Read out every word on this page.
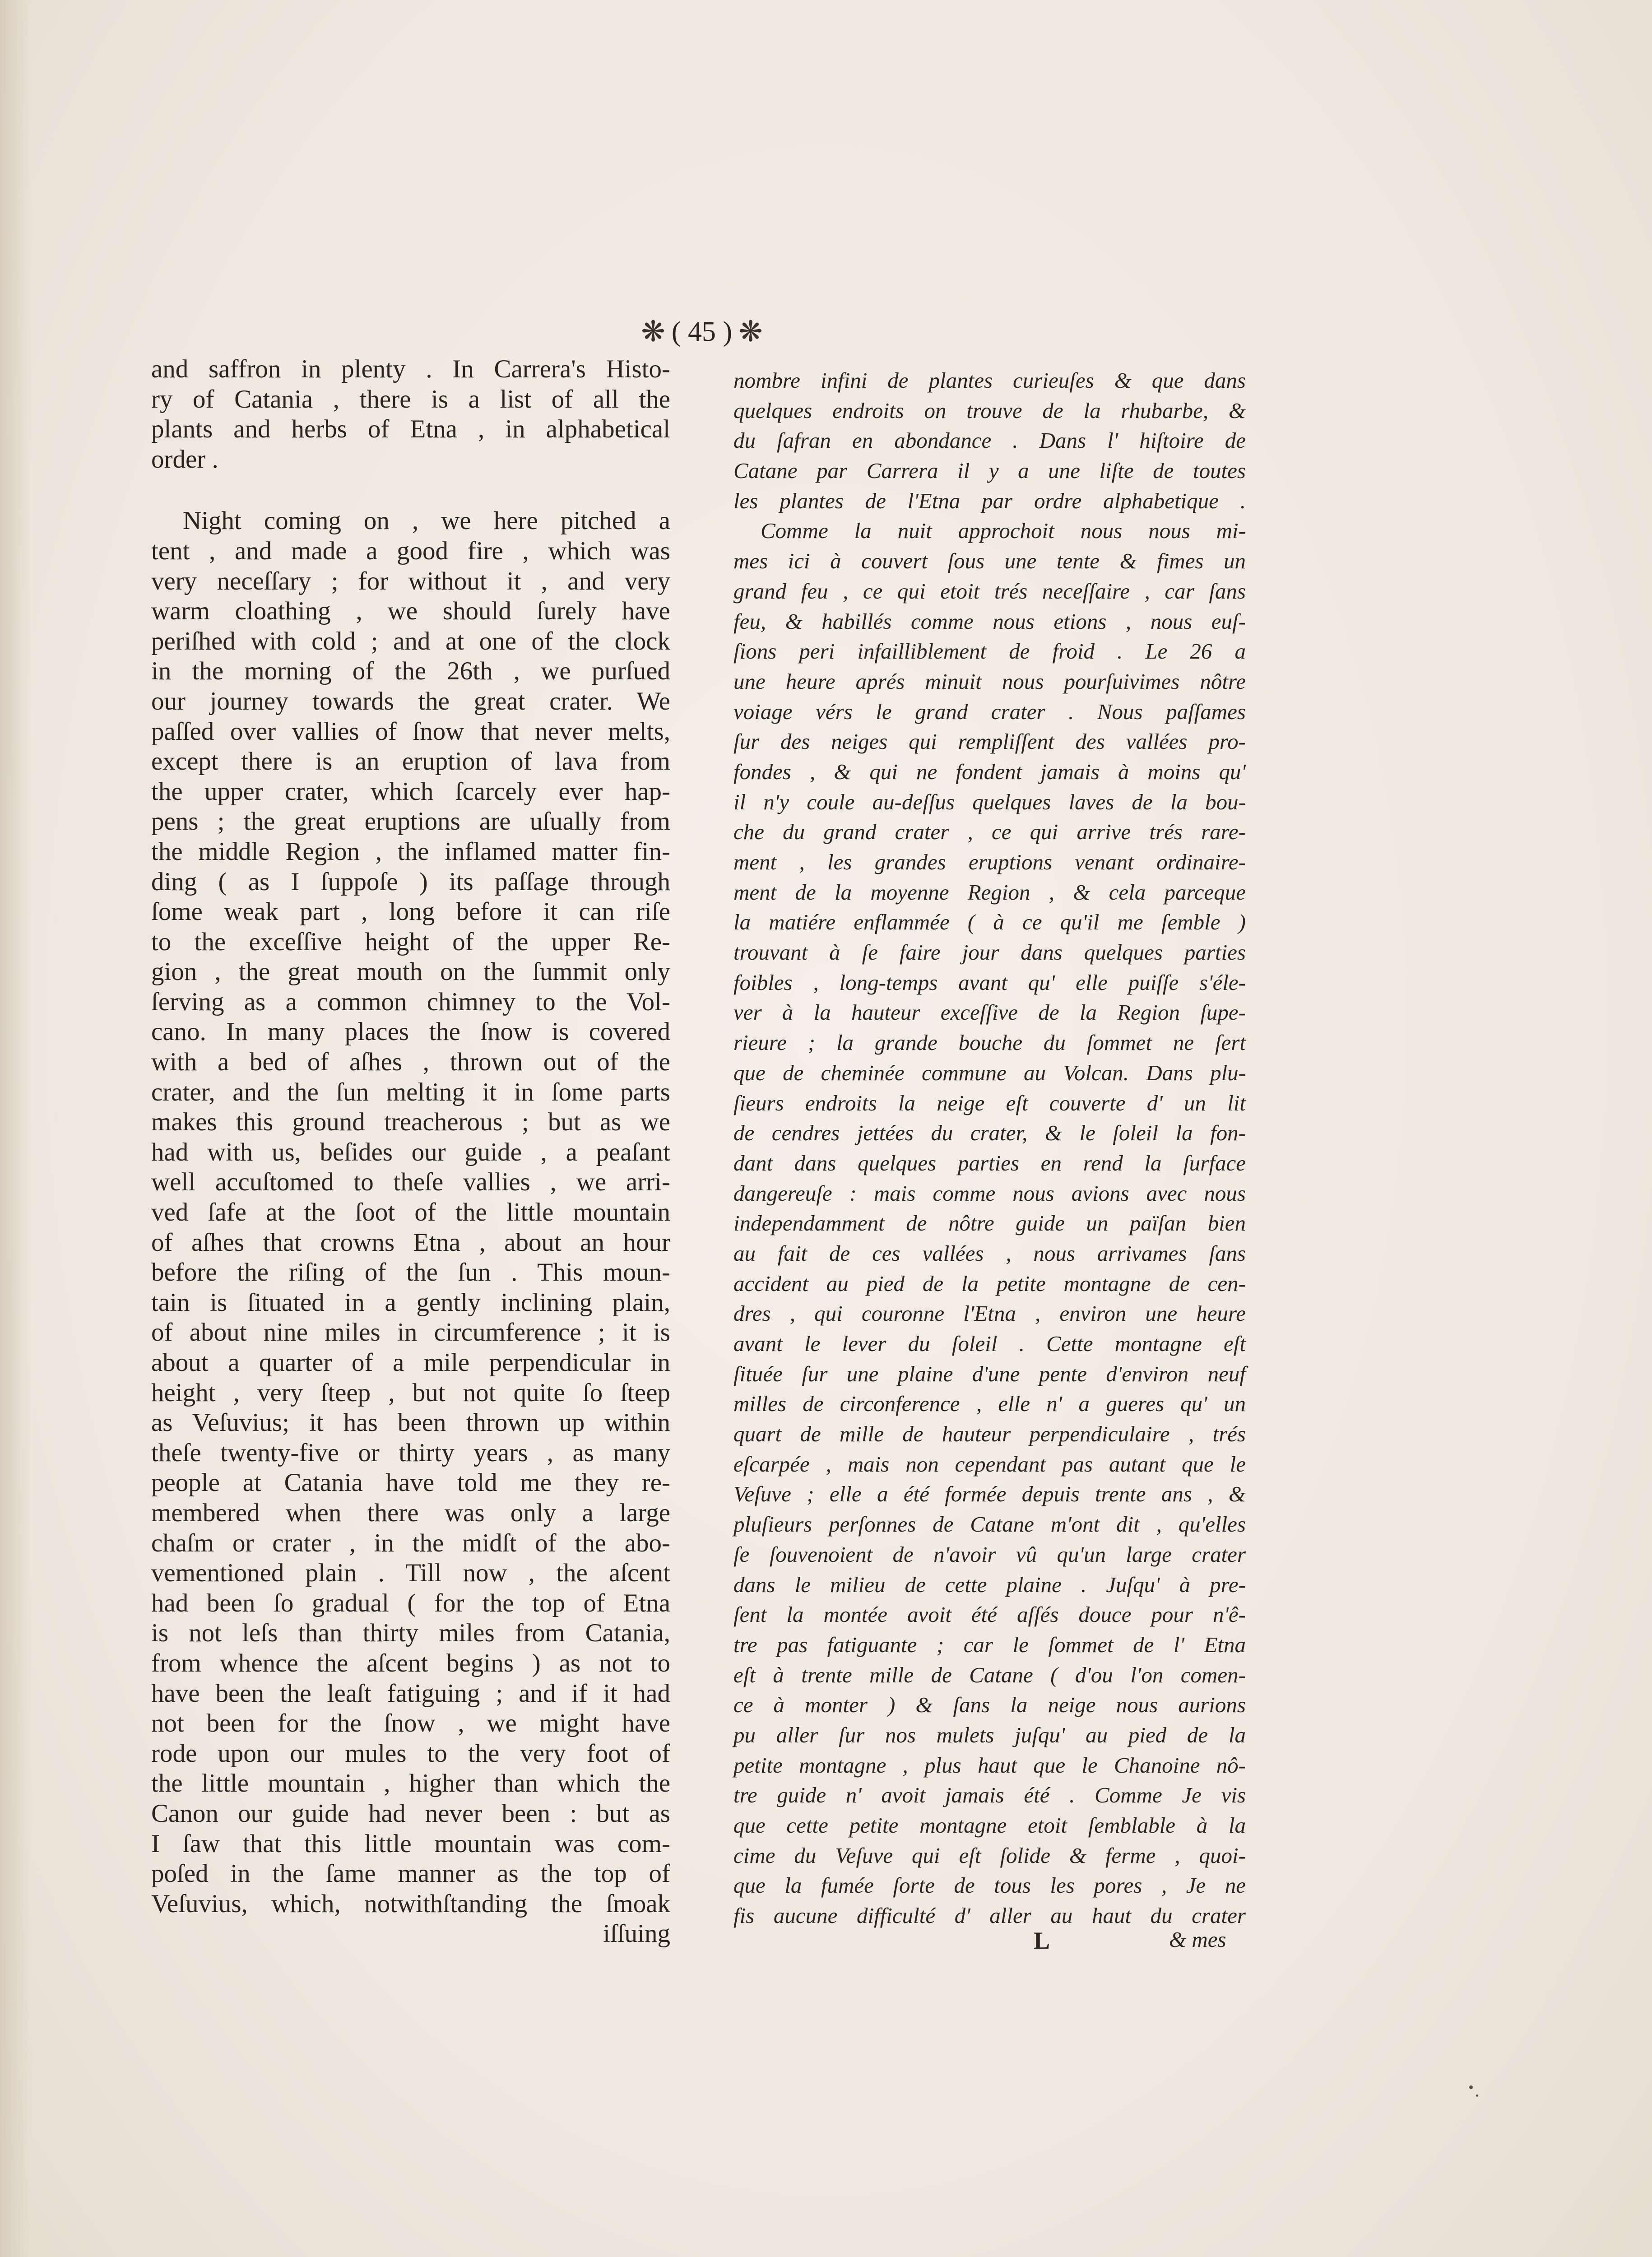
❋ ( 45 ) ❋
and saffron in plenty . In Carrera's Histo-
ry of Catania , there is a list of all the
plants and herbs of Etna , in alphabetical
order .
Night coming on , we here pitched a
tent , and made a good fire , which was
very neceſſary ; for without it , and very
warm cloathing , we should ſurely have
periſhed with cold ; and at one of the clock
in the morning of the 26th , we purſued
our journey towards the great crater. We
paſſed over vallies of ſnow that never melts,
except there is an eruption of lava from
the upper crater, which ſcarcely ever hap-
pens ; the great eruptions are uſually from
the middle Region , the inflamed matter fin-
ding ( as I ſuppoſe ) its paſſage through
ſome weak part , long before it can riſe
to the exceſſive height of the upper Re-
gion , the great mouth on the ſummit only
ſerving as a common chimney to the Vol-
cano. In many places the ſnow is covered
with a bed of aſhes , thrown out of the
crater, and the ſun melting it in ſome parts
makes this ground treacherous ; but as we
had with us, beſides our guide , a peaſant
well accuſtomed to theſe vallies , we arri-
ved ſafe at the ſoot of the little mountain
of aſhes that crowns Etna , about an hour
before the riſing of the ſun . This moun-
tain is ſituated in a gently inclining plain,
of about nine miles in circumference ; it is
about a quarter of a mile perpendicular in
height , very ſteep , but not quite ſo ſteep
as Veſuvius; it has been thrown up within
theſe twenty-five or thirty years , as many
people at Catania have told me they re-
membered when there was only a large
chaſm or crater , in the midſt of the abo-
vementioned plain . Till now , the aſcent
had been ſo gradual ( for the top of Etna
is not leſs than thirty miles from Catania,
from whence the aſcent begins ) as not to
have been the leaſt fatiguing ; and if it had
not been for the ſnow , we might have
rode upon our mules to the very foot of
the little mountain , higher than which the
Canon our guide had never been : but as
I ſaw that this little mountain was com-
poſed in the ſame manner as the top of
Veſuvius, which, notwithſtanding the ſmoak
iſſuing
nombre infini de plantes curieuſes & que dans
quelques endroits on trouve de la rhubarbe, &
du ſafran en abondance . Dans l' hiſtoire de
Catane par Carrera il y a une liſte de toutes
les plantes de l'Etna par ordre alphabetique .
Comme la nuit approchoit nous nous mi-
mes ici à couvert ſous une tente & fimes un
grand feu , ce qui etoit trés neceſſaire , car ſans
feu, & habillés comme nous etions , nous euſ-
ſions peri infailliblement de froid . Le 26 a
une heure aprés minuit nous pourſuivimes nôtre
voiage vérs le grand crater . Nous paſſames
ſur des neiges qui rempliſſent des vallées pro-
fondes , & qui ne fondent jamais à moins qu'
il n'y coule au-deſſus quelques laves de la bou-
che du grand crater , ce qui arrive trés rare-
ment , les grandes eruptions venant ordinaire-
ment de la moyenne Region , & cela parceque
la matiére enflammée ( à ce qu'il me ſemble )
trouvant à ſe faire jour dans quelques parties
foibles , long-temps avant qu' elle puiſſe s'éle-
ver à la hauteur exceſſive de la Region ſupe-
rieure ; la grande bouche du ſommet ne ſert
que de cheminée commune au Volcan. Dans plu-
ſieurs endroits la neige eſt couverte d' un lit
de cendres jettées du crater, & le ſoleil la fon-
dant dans quelques parties en rend la ſurface
dangereuſe : mais comme nous avions avec nous
independamment de nôtre guide un païſan bien
au fait de ces vallées , nous arrivames ſans
accident au pied de la petite montagne de cen-
dres , qui couronne l'Etna , environ une heure
avant le lever du ſoleil . Cette montagne eſt
ſituée ſur une plaine d'une pente d'environ neuf
milles de circonference , elle n' a gueres qu' un
quart de mille de hauteur perpendiculaire , trés
eſcarpée , mais non cependant pas autant que le
Veſuve ; elle a été formée depuis trente ans , &
pluſieurs perſonnes de Catane m'ont dit , qu'elles
ſe ſouvenoient de n'avoir vû qu'un large crater
dans le milieu de cette plaine . Juſqu' à pre-
ſent la montée avoit été aſſés douce pour n'ê-
tre pas fatiguante ; car le ſommet de l' Etna
eſt à trente mille de Catane ( d'ou l'on comen-
ce à monter ) & ſans la neige nous aurions
pu aller ſur nos mulets juſqu' au pied de la
petite montagne , plus haut que le Chanoine nô-
tre guide n' avoit jamais été . Comme Je vis
que cette petite montagne etoit ſemblable à la
cime du Veſuve qui eſt ſolide & ferme , quoi-
que la fumée ſorte de tous les pores , Je ne
fis aucune difficulté d' aller au haut du crater
L	& mes
